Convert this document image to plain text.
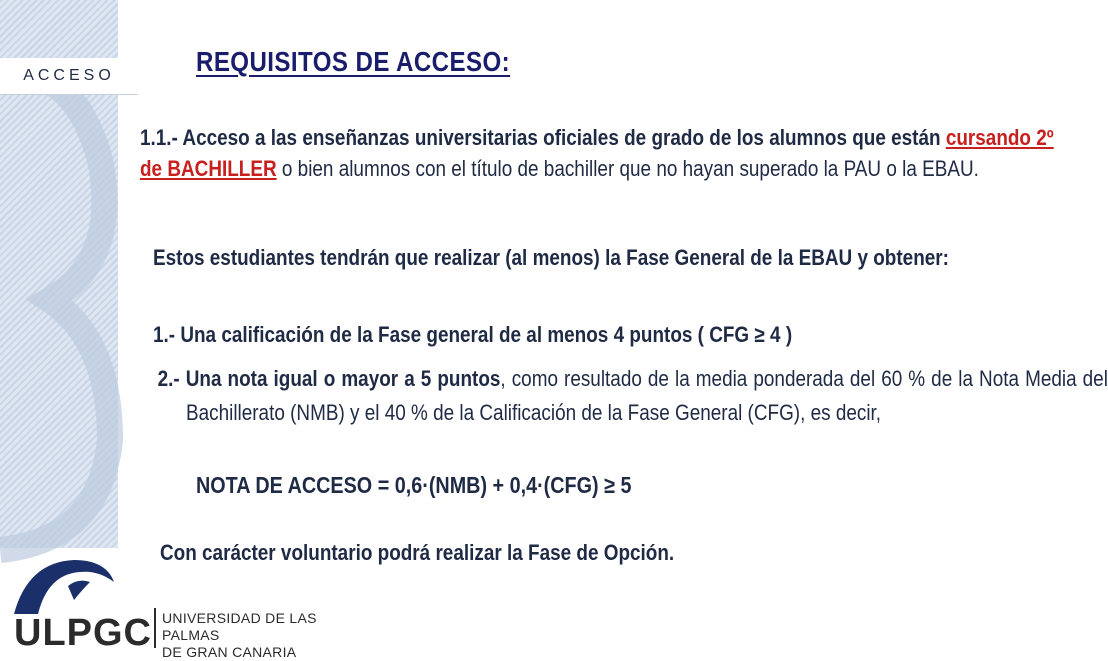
ACCESO	REQUISITOS DE ACCESO:
1.1.- Acceso a las enseñanzas universitarias oficiales de grado de los alumnos que están cursando 2º de BACHILLER o bien alumnos con el título de bachiller que no hayan superado la PAU o la EBAU.
Estos estudiantes tendrán que realizar (al menos) la Fase General de la EBAU y obtener:
1.- Una calificación de la Fase general de al menos 4 puntos ( CFG ≥ 4 )
2.- Una nota igual o mayor a 5 puntos, como resultado de la media ponderada del 60 % de la Nota Media del Bachillerato (NMB) y el 40 % de la Calificación de la Fase General (CFG), es decir,
NOTA DE ACCESO = 0,6·(NMB) + 0,4·(CFG) ≥ 5
Con carácter voluntario podrá realizar la Fase de Opción.
ULPGC UNIVERSIDAD DE LAS PALMAS
DE GRAN CANARIA
